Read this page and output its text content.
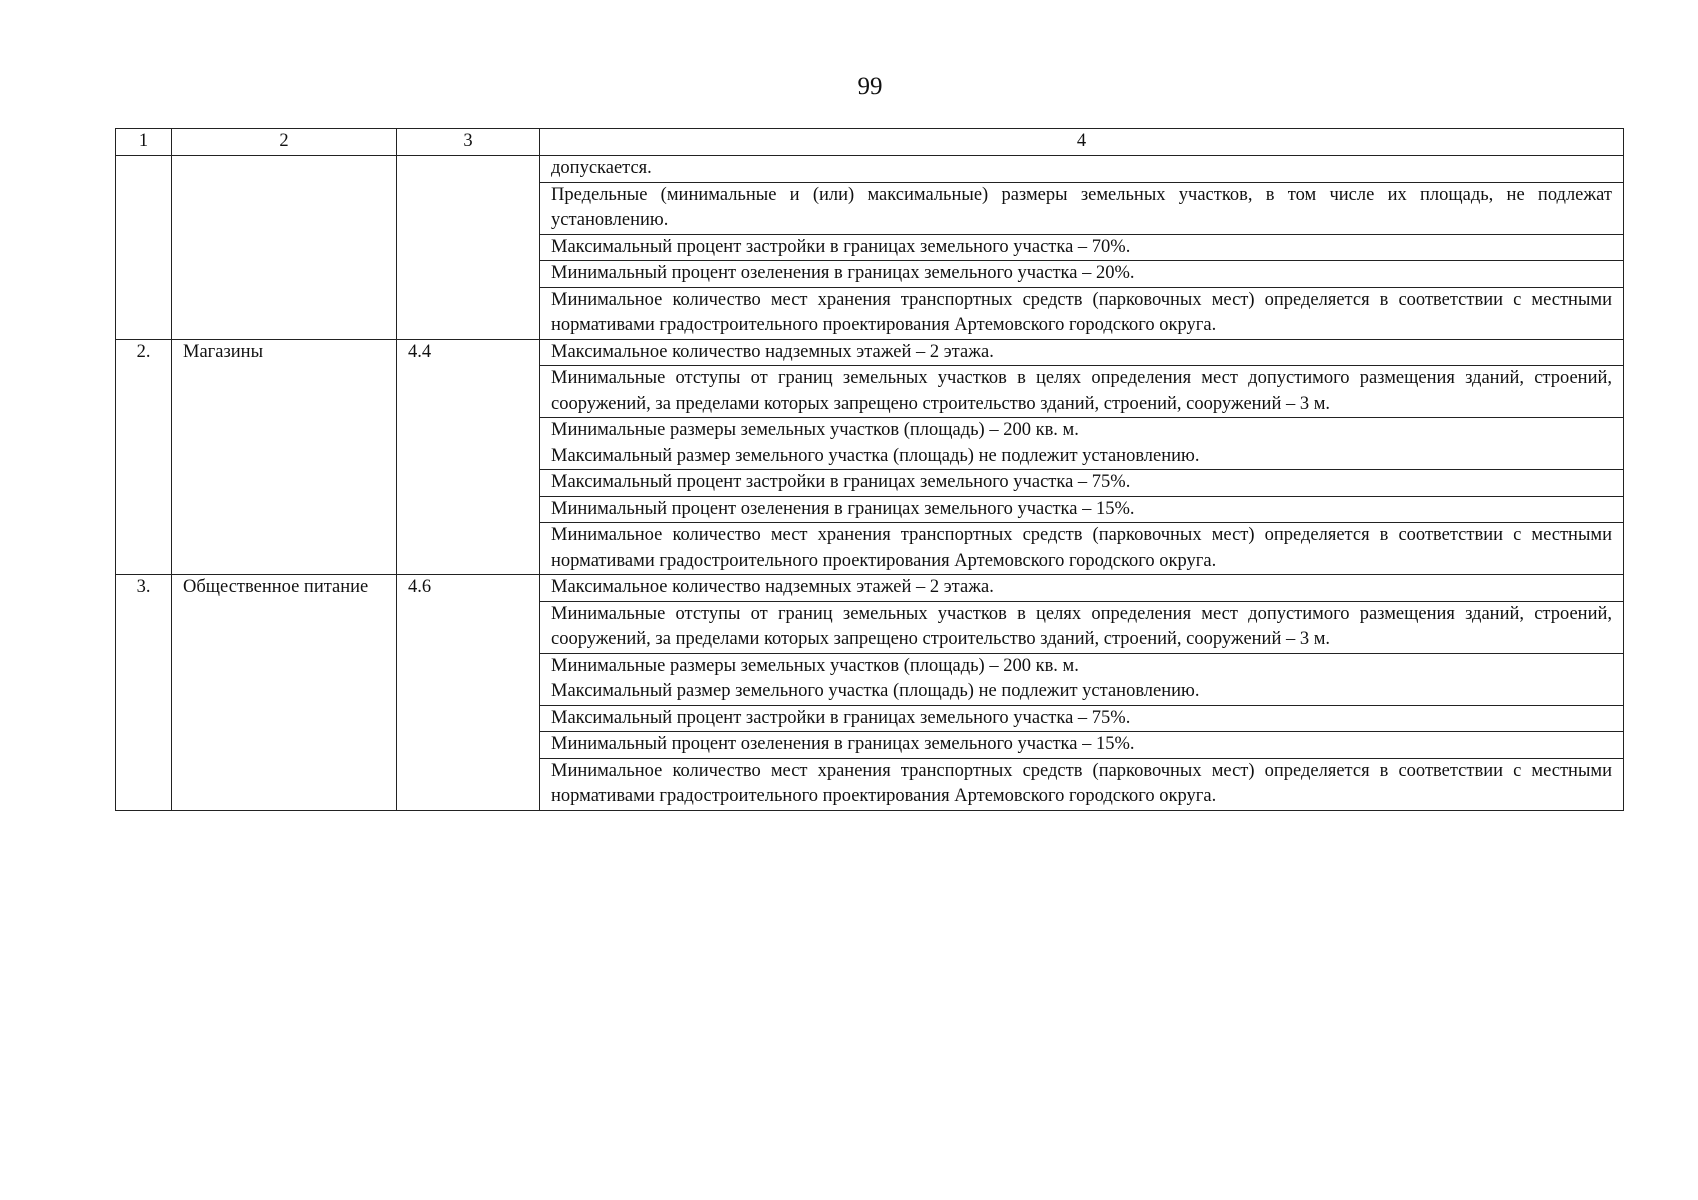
99
1	2	3	4
			допускается.
			Предельные (минимальные и (или) максимальные) размеры земельных участков, в том числе их площадь, не подлежат установлению.
			Максимальный процент застройки в границах земельного участка – 70%.
			Минимальный процент озеленения в границах земельного участка – 20%.
			Минимальное количество мест хранения транспортных средств (парковочных мест) определяется в соответствии с местными нормативами градостроительного проектирования Артемовского городского округа.
2.	Магазины	4.4	Максимальное количество надземных этажей – 2 этажа.

			Минимальные отступы от границ земельных участков в целях определения мест допустимого размещения зданий, строений, сооружений, за пределами которых запрещено строительство зданий, строений, сооружений – 3 м.

			Минимальные размеры земельных участков (площадь) – 200 кв. м.
Максимальный размер земельного участка (площадь) не подлежит установлению.

			Максимальный процент застройки в границах земельного участка – 75%.

			Минимальный процент озеленения в границах земельного участка – 15%.

			Минимальное количество мест хранения транспортных средств (парковочных мест) определяется в соответствии с местными нормативами градостроительного проектирования Артемовского городского округа.

3.	Общественное питание	4.6	Максимальное количество надземных этажей – 2 этажа.

			Минимальные отступы от границ земельных участков в целях определения мест допустимого размещения зданий, строений, сооружений, за пределами которых запрещено строительство зданий, строений, сооружений – 3 м.

			Минимальные размеры земельных участков (площадь) – 200 кв. м.
Максимальный размер земельного участка (площадь) не подлежит установлению.

			Максимальный процент застройки в границах земельного участка – 75%.

			Минимальный процент озеленения в границах земельного участка – 15%.

			Минимальное количество мест хранения транспортных средств (парковочных мест) определяется в соответствии с местными нормативами градостроительного проектирования Артемовского городского округа.
